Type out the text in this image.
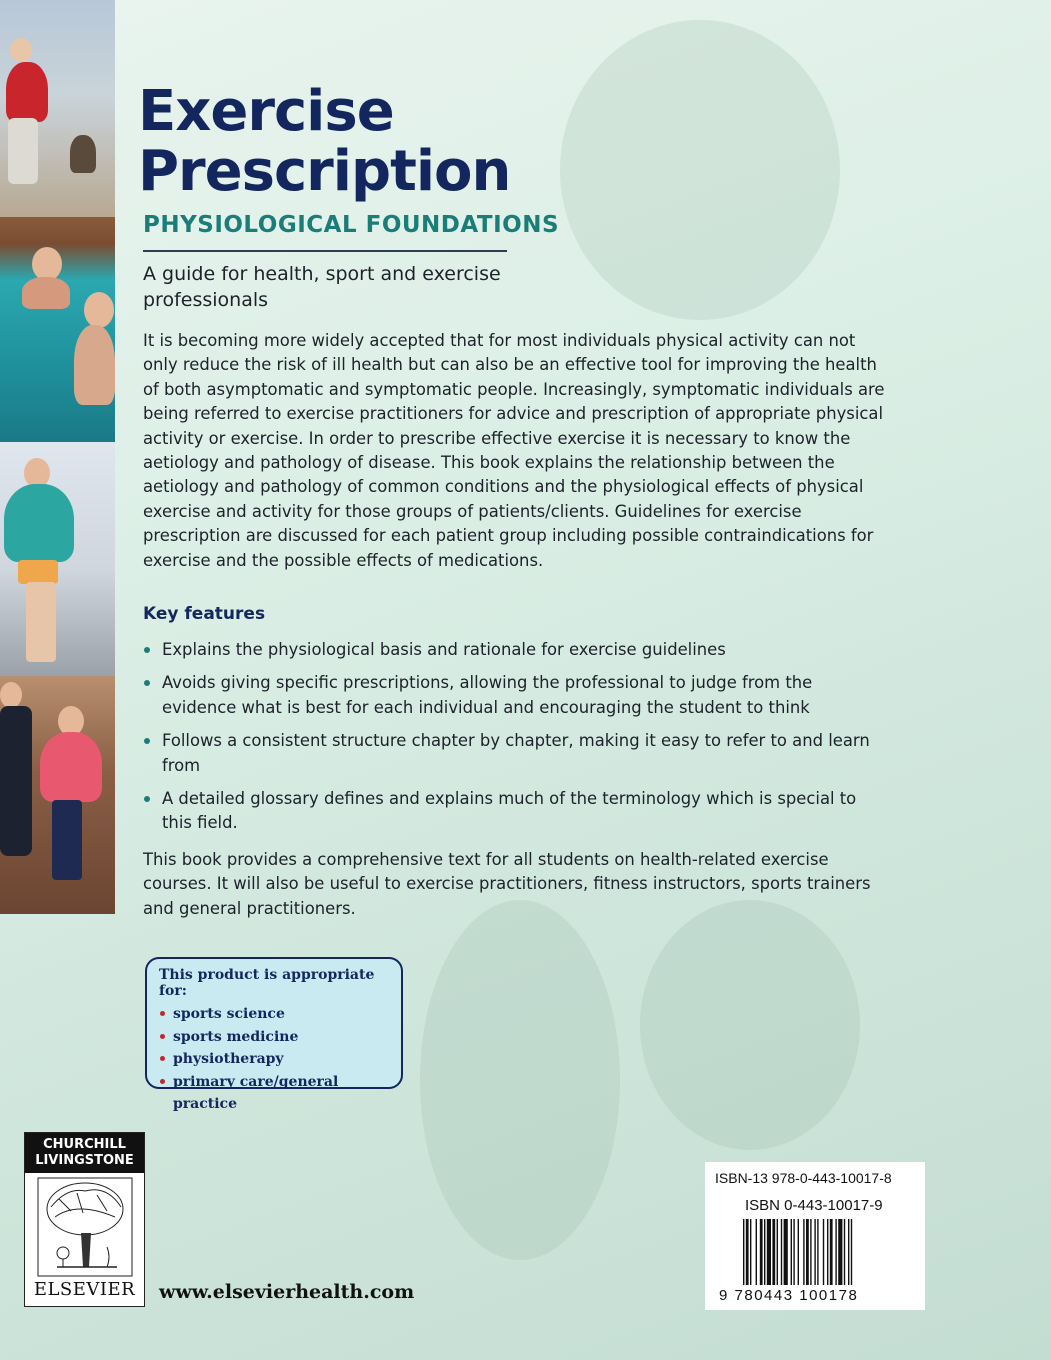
Exercise
Prescription
PHYSIOLOGICAL FOUNDATIONS
A guide for health, sport and exercise professionals

It is becoming more widely accepted that for most individuals physical activity can not only reduce the risk of ill health but can also be an effective tool for improving the health of both asymptomatic and symptomatic people. Increasingly, symptomatic individuals are being referred to exercise practitioners for advice and prescription of appropriate physical activity or exercise. In order to prescribe effective exercise it is necessary to know the aetiology and pathology of disease. This book explains the relationship between the aetiology and pathology of common conditions and the physiological effects of physical exercise and activity for those groups of patients/clients. Guidelines for exercise prescription are discussed for each patient group including possible contraindications for exercise and the possible effects of medications.

Key features
Explains the physiological basis and rationale for exercise guidelines
Avoids giving specific prescriptions, allowing the professional to judge from the evidence what is best for each individual and encouraging the student to think
Follows a consistent structure chapter by chapter, making it easy to refer to and learn from
A detailed glossary defines and explains much of the terminology which is special to this field.

This book provides a comprehensive text for all students on health-related exercise courses. It will also be useful to exercise practitioners, fitness instructors, sports trainers and general practitioners.

This product is appropriate for:
sports science
sports medicine
physiotherapy
primary care/general practice
CHURCHILL
LIVINGSTONE
ELSEVIER	www.elsevierhealth.com
ISBN-13 978-0-443-10017-8
ISBN 0-443-10017-9
9 780443 100178
